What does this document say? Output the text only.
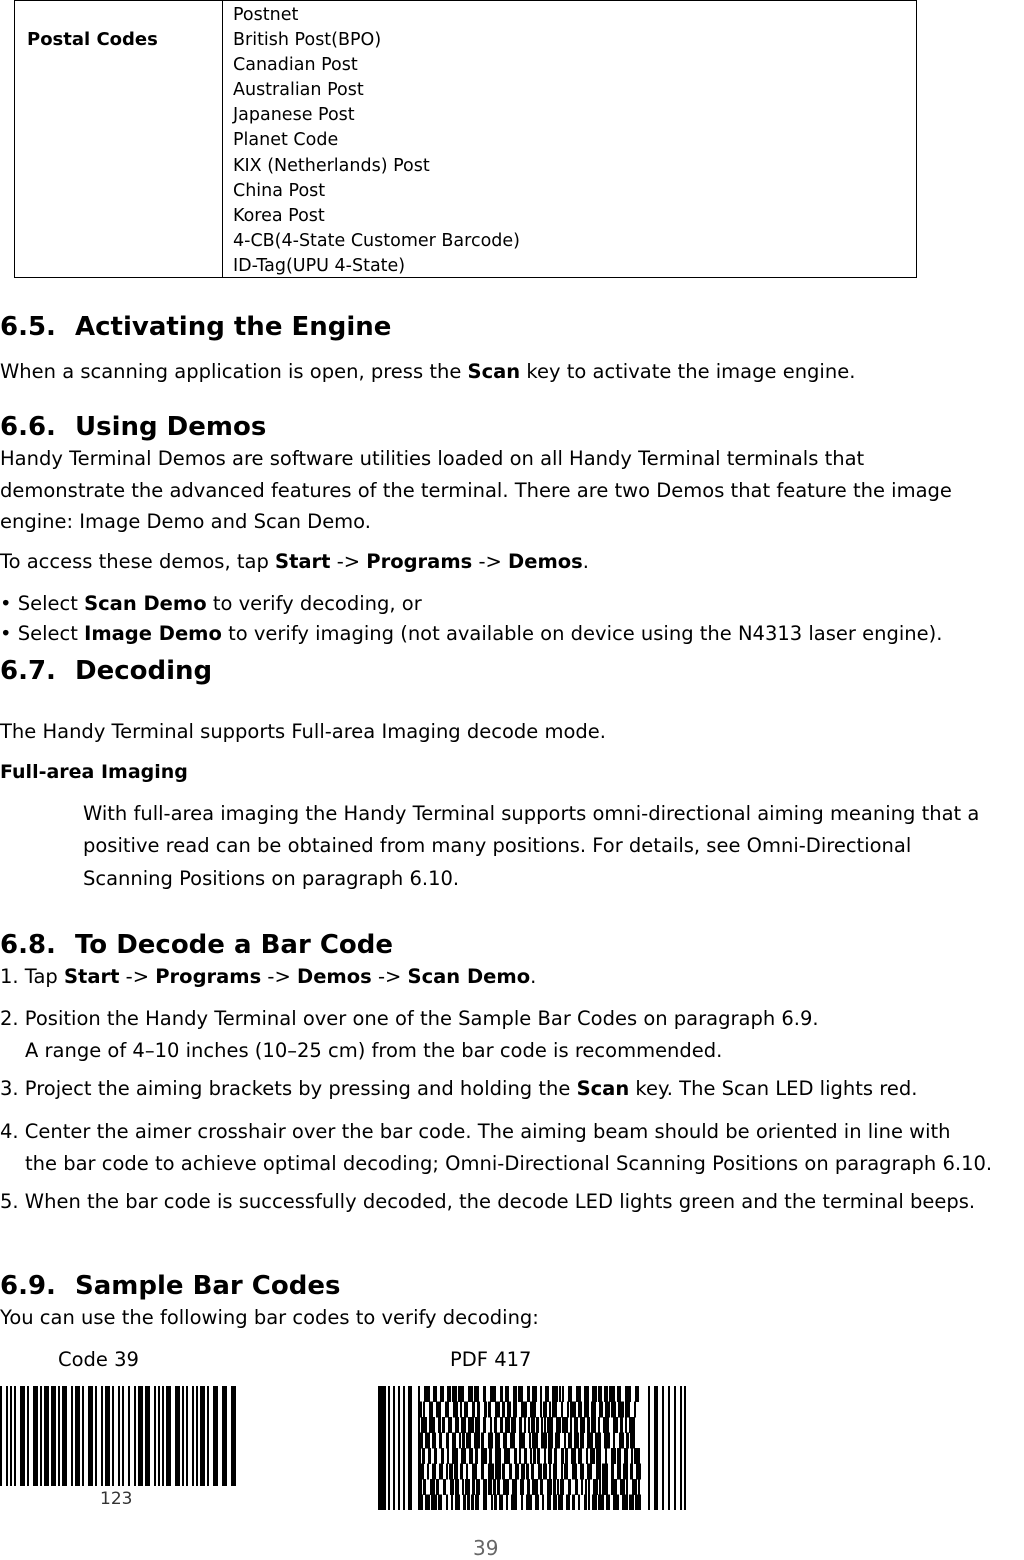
Postal Codes
Postnet
British Post(BPO)
Canadian Post
Australian Post
Japanese Post
Planet Code
KIX (Netherlands) Post
China Post
Korea Post
4-CB(4-State Customer Barcode)
ID-Tag(UPU 4-State)
6.5. Activating the Engine
When a scanning application is open, press the Scan key to activate the image engine.
6.6. Using Demos
Handy Terminal Demos are software utilities loaded on all Handy Terminal terminals that
demonstrate the advanced features of the terminal. There are two Demos that feature the image
engine: Image Demo and Scan Demo.
To access these demos, tap Start -> Programs -> Demos.
• Select Scan Demo to verify decoding, or
• Select Image Demo to verify imaging (not available on device using the N4313 laser engine).
6.7. Decoding
The Handy Terminal supports Full-area Imaging decode mode.
Full-area Imaging
With full-area imaging the Handy Terminal supports omni-directional aiming meaning that a
positive read can be obtained from many positions. For details, see Omni-Directional
Scanning Positions on paragraph 6.10.
6.8. To Decode a Bar Code
1. Tap Start -> Programs -> Demos -> Scan Demo.
2. Position the Handy Terminal over one of the Sample Bar Codes on paragraph 6.9.
A range of 4–10 inches (10–25 cm) from the bar code is recommended.
3. Project the aiming brackets by pressing and holding the Scan key. The Scan LED lights red.
4. Center the aimer crosshair over the bar code. The aiming beam should be oriented in line with
the bar code to achieve optimal decoding; Omni-Directional Scanning Positions on paragraph 6.10.
5. When the bar code is successfully decoded, the decode LED lights green and the terminal beeps.
6.9. Sample Bar Codes
You can use the following bar codes to verify decoding:
Code 39	PDF 417
123
39
